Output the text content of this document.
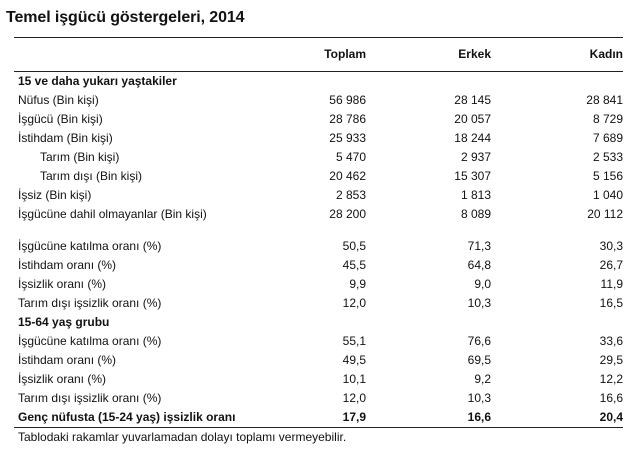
Temel işgücü göstergeleri, 2014
	Toplam	Erkek	Kadın
15 ve daha yukarı yaştakiler			
Nüfus (Bin kişi)	56 986	28 145	28 841
İşgücü (Bin kişi)	28 786	20 057	8 729
İstihdam (Bin kişi)	25 933	18 244	7 689
Tarım (Bin kişi)	5 470	2 937	2 533
Tarım dışı (Bin kişi)	20 462	15 307	5 156
İşsiz (Bin kişi)	2 853	1 813	1 040
İşgücüne dahil olmayanlar (Bin kişi)	28 200	8 089	20 112

İşgücüne katılma oranı (%)	50,5	71,3	30,3
İstihdam oranı (%)	45,5	64,8	26,7
İşsizlik oranı (%)	9,9	9,0	11,9
Tarım dışı işsizlik oranı (%)	12,0	10,3	16,5
15-64 yaş grubu			
İşgücüne katılma oranı (%)	55,1	76,6	33,6
İstihdam oranı (%)	49,5	69,5	29,5
İşsizlik oranı (%)	10,1	9,2	12,2
Tarım dışı işsizlik oranı (%)	12,0	10,3	16,6
Genç nüfusta (15-24 yaş) işsizlik oranı	17,9	16,6	20,4
Tablodaki rakamlar yuvarlamadan dolayı toplamı vermeyebilir.
